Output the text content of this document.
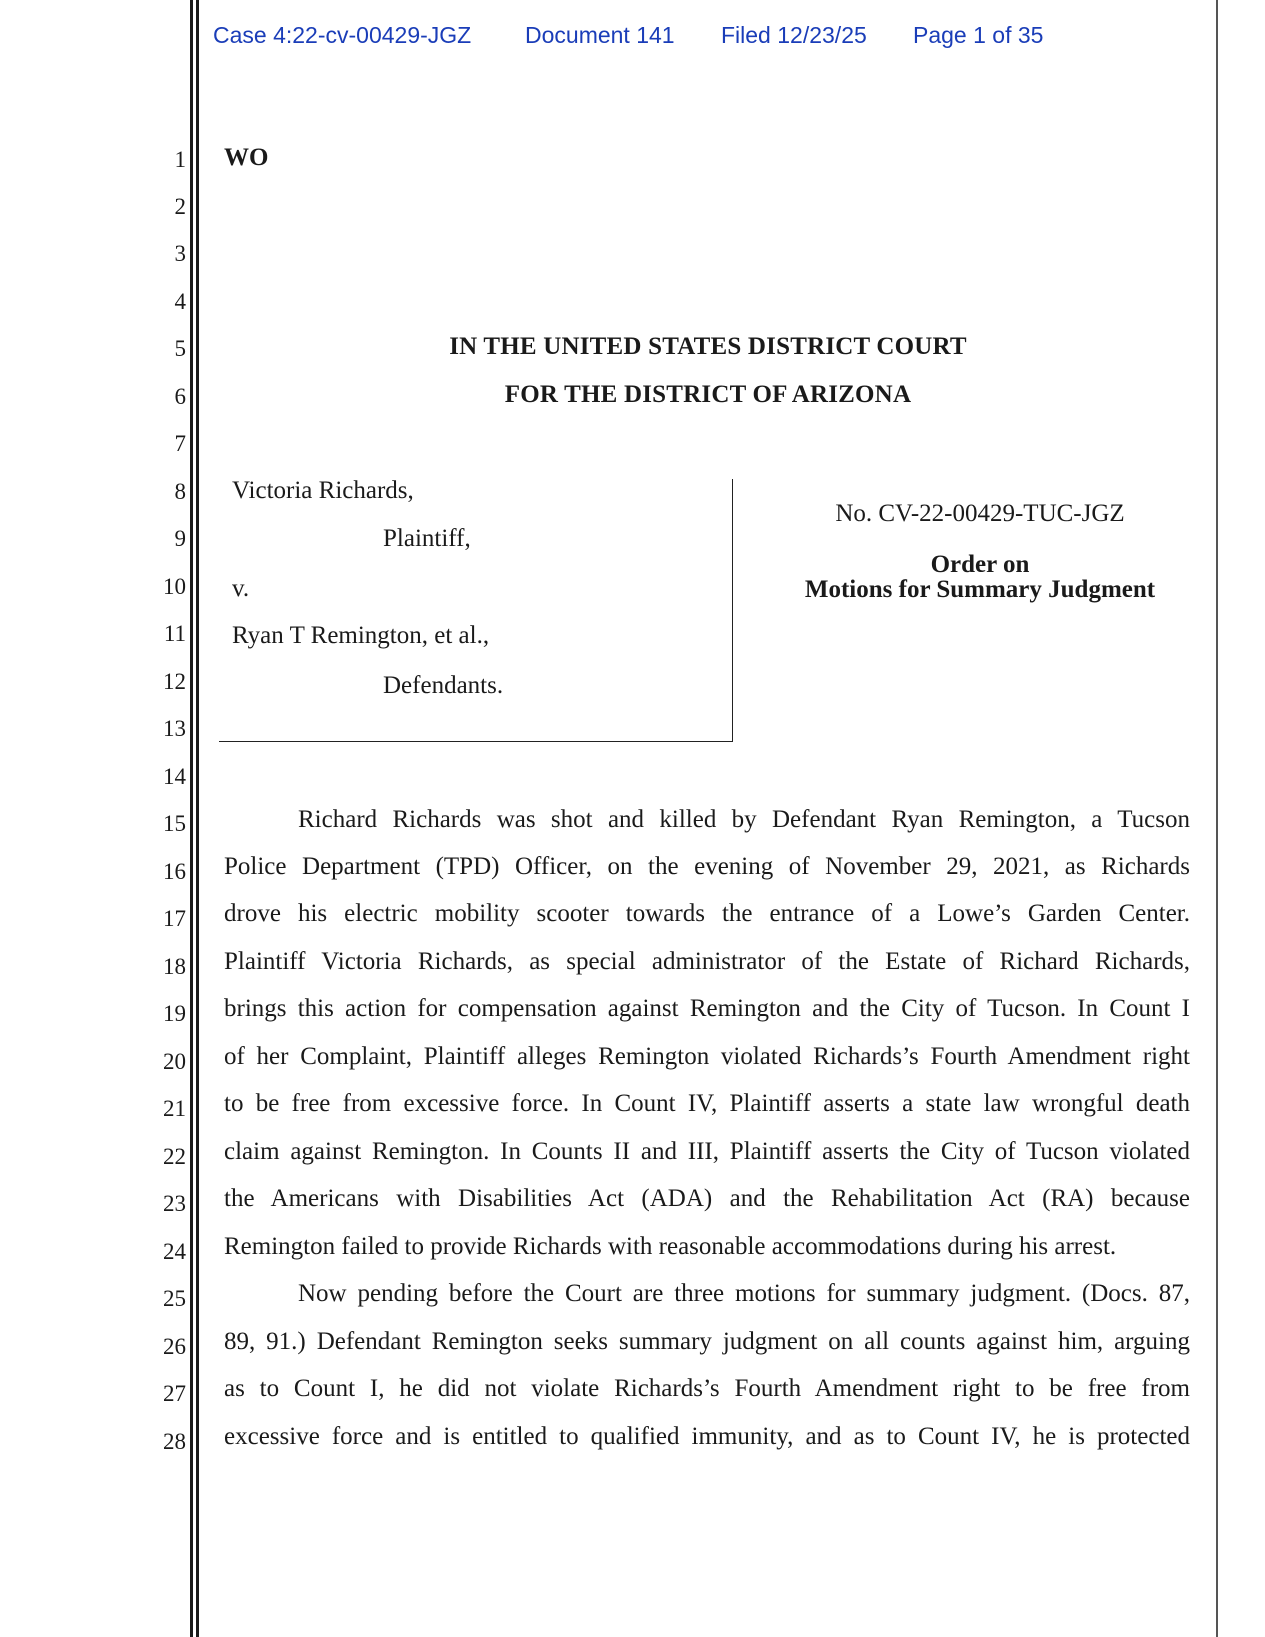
Case 4:22-cv-00429-JGZ Document 141 Filed 12/23/25 Page 1 of 35
1
2
3
4
5
6
7
8
9
10
11
12
13
14
15
16
17
18
19
20
21
22
23
24
25
26
27
28
WO
IN THE UNITED STATES DISTRICT COURT
FOR THE DISTRICT OF ARIZONA
Victoria Richards,
Plaintiff,
v.
Ryan T Remington, et al.,
Defendants.
No. CV-22-00429-TUC-JGZ
Order on
Motions for Summary Judgment
Richard Richards was shot and killed by Defendant Ryan Remington, a Tucson
Police Department (TPD) Officer, on the evening of November 29, 2021, as Richards
drove his electric mobility scooter towards the entrance of a Lowe’s Garden Center.
Plaintiff Victoria Richards, as special administrator of the Estate of Richard Richards,
brings this action for compensation against Remington and the City of Tucson. In Count I
of her Complaint, Plaintiff alleges Remington violated Richards’s Fourth Amendment right
to be free from excessive force. In Count IV, Plaintiff asserts a state law wrongful death
claim against Remington. In Counts II and III, Plaintiff asserts the City of Tucson violated
the Americans with Disabilities Act (ADA) and the Rehabilitation Act (RA) because
Remington failed to provide Richards with reasonable accommodations during his arrest.
Now pending before the Court are three motions for summary judgment. (Docs. 87,
89, 91.) Defendant Remington seeks summary judgment on all counts against him, arguing
as to Count I, he did not violate Richards’s Fourth Amendment right to be free from
excessive force and is entitled to qualified immunity, and as to Count IV, he is protected
